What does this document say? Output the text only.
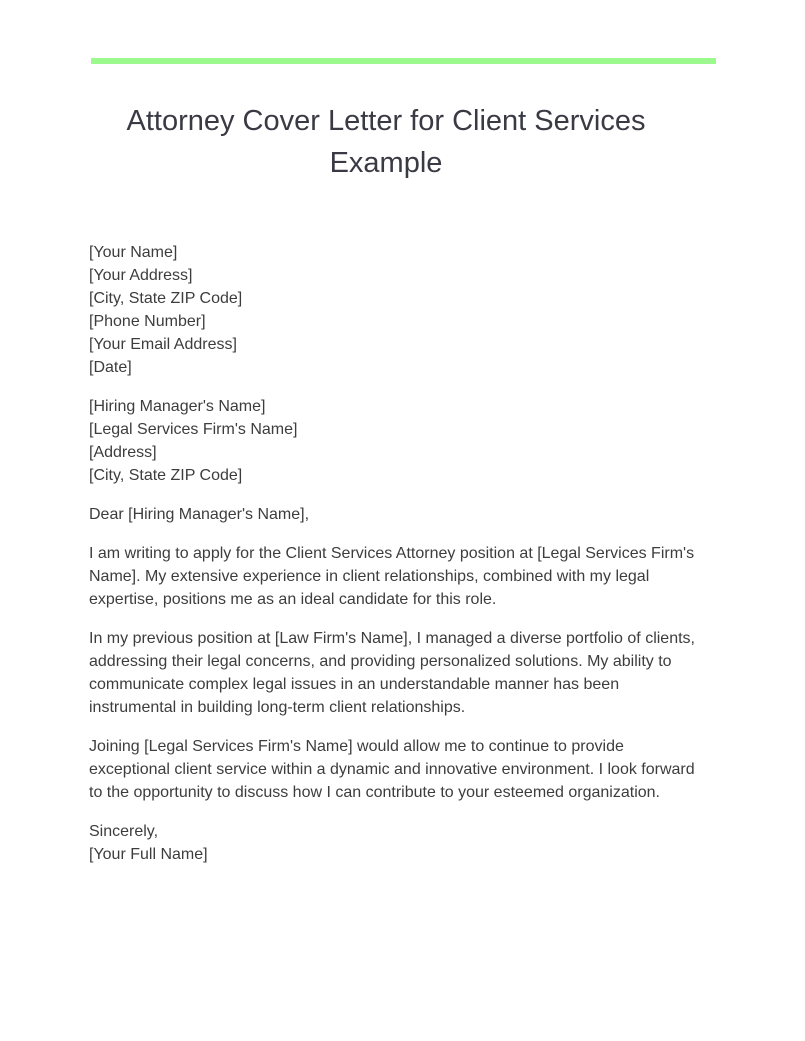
Attorney Cover Letter for Client Services Example
[Your Name]
[Your Address]
[City, State ZIP Code]
[Phone Number]
[Your Email Address]
[Date]
[Hiring Manager's Name]
[Legal Services Firm's Name]
[Address]
[City, State ZIP Code]

Dear [Hiring Manager's Name],

I am writing to apply for the Client Services Attorney position at [Legal Services Firm's Name]. My extensive experience in client relationships, combined with my legal expertise, positions me as an ideal candidate for this role.

In my previous position at [Law Firm's Name], I managed a diverse portfolio of clients, addressing their legal concerns, and providing personalized solutions. My ability to communicate complex legal issues in an understandable manner has been instrumental in building long-term client relationships.

Joining [Legal Services Firm's Name] would allow me to continue to provide exceptional client service within a dynamic and innovative environment. I look forward to the opportunity to discuss how I can contribute to your esteemed organization.

Sincerely,
[Your Full Name]
